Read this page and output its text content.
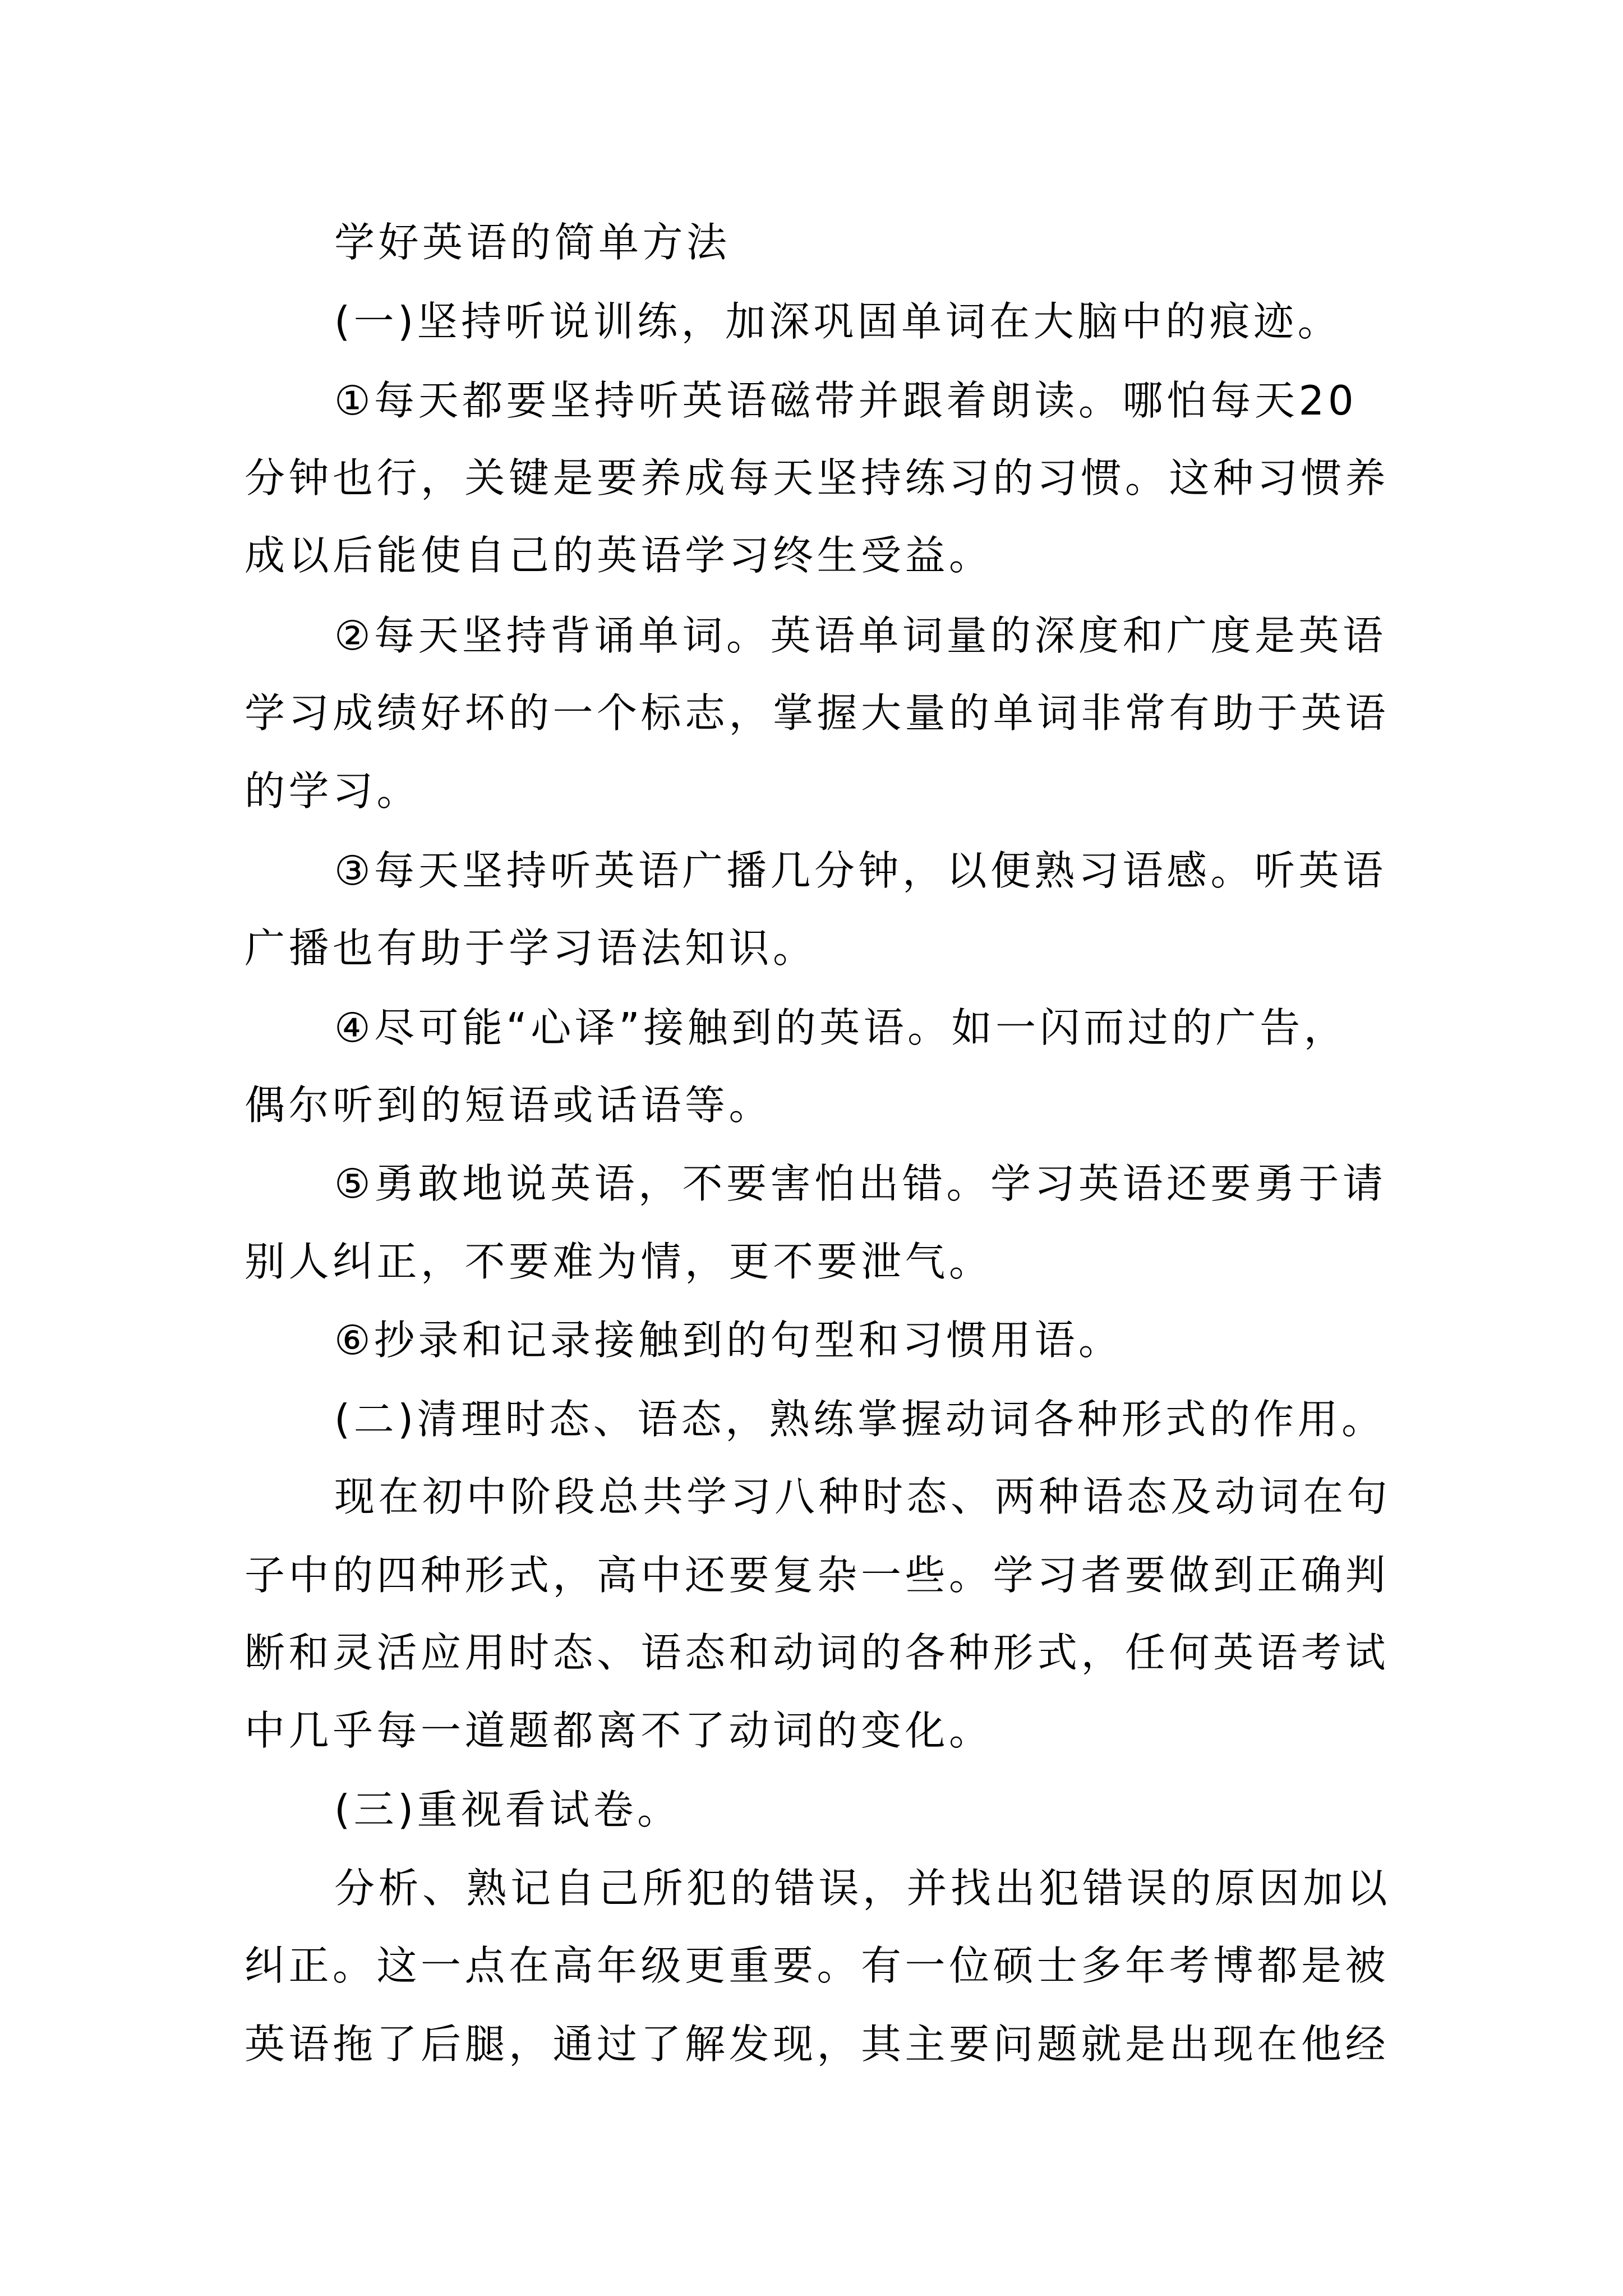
学好英语的简单方法
(一)坚持听说训练，加深巩固单词在大脑中的痕迹。
①每天都要坚持听英语磁带并跟着朗读。哪怕每天20
分钟也行，关键是要养成每天坚持练习的习惯。这种习惯养
成以后能使自己的英语学习终生受益。
②每天坚持背诵单词。英语单词量的深度和广度是英语
学习成绩好坏的一个标志，掌握大量的单词非常有助于英语
的学习。
③每天坚持听英语广播几分钟，以便熟习语感。听英语
广播也有助于学习语法知识。
④尽可能“心译”接触到的英语。如一闪而过的广告，
偶尔听到的短语或话语等。
⑤勇敢地说英语，不要害怕出错。学习英语还要勇于请
别人纠正，不要难为情，更不要泄气。
⑥抄录和记录接触到的句型和习惯用语。
(二)清理时态、语态，熟练掌握动词各种形式的作用。
现在初中阶段总共学习八种时态、两种语态及动词在句
子中的四种形式，高中还要复杂一些。学习者要做到正确判
断和灵活应用时态、语态和动词的各种形式，任何英语考试
中几乎每一道题都离不了动词的变化。
(三)重视看试卷。
分析、熟记自己所犯的错误，并找出犯错误的原因加以
纠正。这一点在高年级更重要。有一位硕士多年考博都是被
英语拖了后腿，通过了解发现，其主要问题就是出现在他经
